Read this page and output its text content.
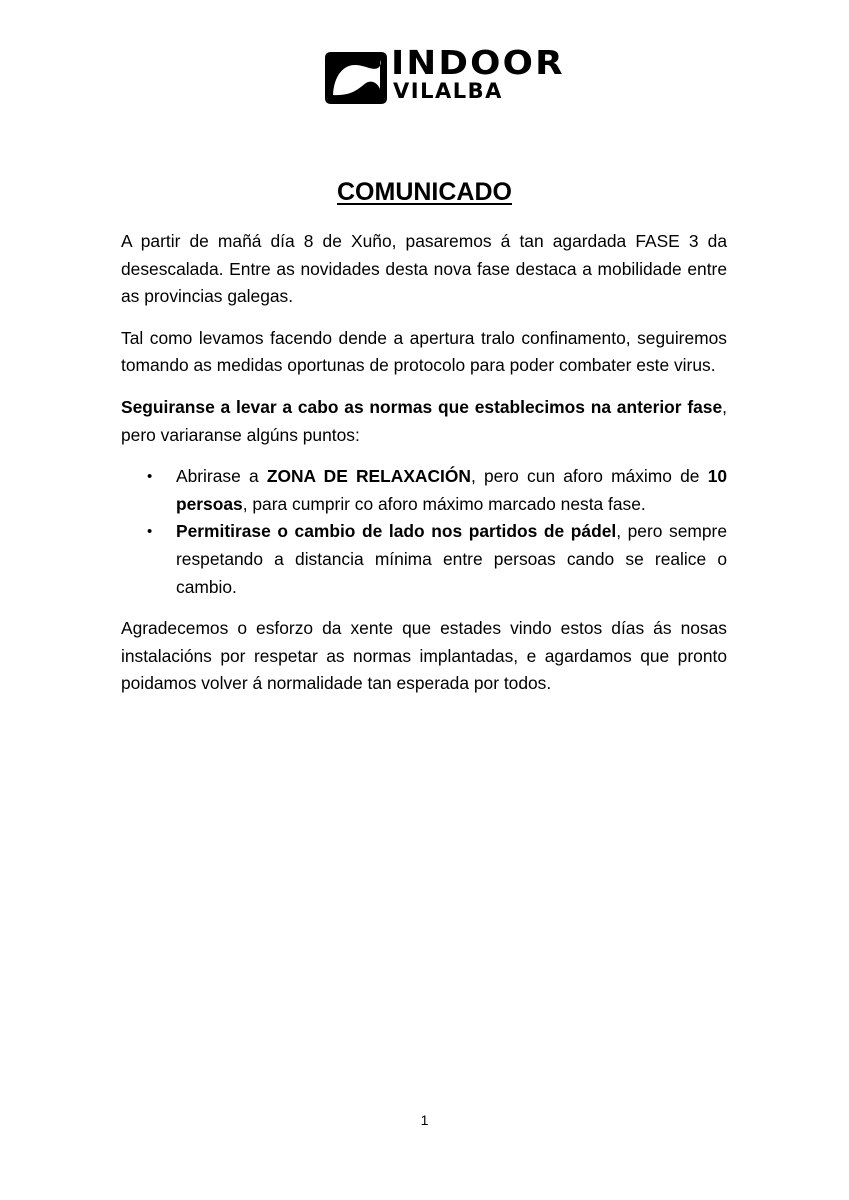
INDOOR
VILALBA
COMUNICADO

A partir de mañá día 8 de Xuño, pasaremos á tan agardada FASE 3 da desescalada. Entre as novidades desta nova fase destaca a mobilidade entre as provincias galegas.

Tal como levamos facendo dende a apertura tralo confinamento, seguiremos tomando as medidas oportunas de protocolo para poder combater este virus.

Seguiranse a levar a cabo as normas que establecimos na anterior fase, pero variaranse algúns puntos:

• Abrirase a ZONA DE RELAXACIÓN, pero cun aforo máximo de 10 persoas, para cumprir co aforo máximo marcado nesta fase.
• Permitirase o cambio de lado nos partidos de pádel, pero sempre respetando a distancia mínima entre persoas cando se realice o cambio.

Agradecemos o esforzo da xente que estades vindo estos días ás nosas instalacións por respetar as normas implantadas, e agardamos que pronto poidamos volver á normalidade tan esperada por todos.

1
